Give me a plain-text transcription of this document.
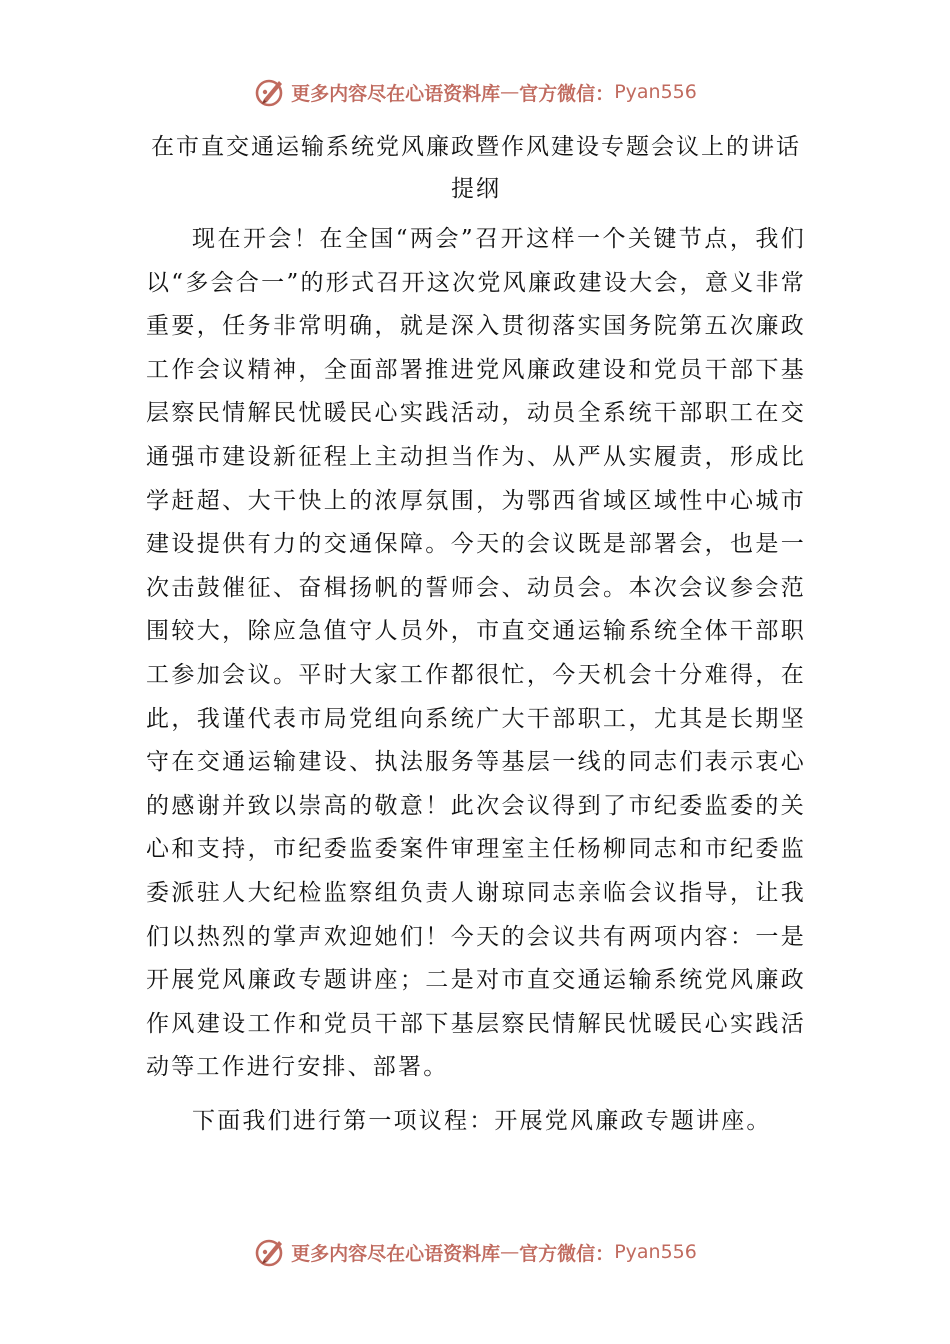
更多内容尽在心语资料库 — 官方微信： Pyan556
在市直交通运输系统党风廉政暨作风建设专题会议上的讲话提纲

现在开会！在全国“两会”召开这样一个关键节点，我们以“多会合一”的形式召开这次党风廉政建设大会，意义非常重要，任务非常明确，就是深入贯彻落实国务院第五次廉政工作会议精神，全面部署推进党风廉政建设和党员干部下基层察民情解民忧暖民心实践活动，动员全系统干部职工在交通强市建设新征程上主动担当作为、从严从实履责，形成比学赶超、大干快上的浓厚氛围，为鄂西省域区域性中心城市建设提供有力的交通保障。今天的会议既是部署会，也是一次击鼓催征、奋楫扬帆的誓师会、动员会。本次会议参会范围较大，除应急值守人员外，市直交通运输系统全体干部职工参加会议。平时大家工作都很忙，今天机会十分难得，在此，我谨代表市局党组向系统广大干部职工，尤其是长期坚守在交通运输建设、执法服务等基层一线的同志们表示衷心的感谢并致以崇高的敬意！此次会议得到了市纪委监委的关心和支持，市纪委监委案件审理室主任杨柳同志和市纪委监委派驻人大纪检监察组负责人谢琼同志亲临会议指导，让我们以热烈的掌声欢迎她们！今天的会议共有两项内容：一是开展党风廉政专题讲座；二是对市直交通运输系统党风廉政作风建设工作和党员干部下基层察民情解民忧暖民心实践活动等工作进行安排、部署。

下面我们进行第一项议程：开展党风廉政专题讲座。

更多内容尽在心语资料库 — 官方微信： Pyan556
